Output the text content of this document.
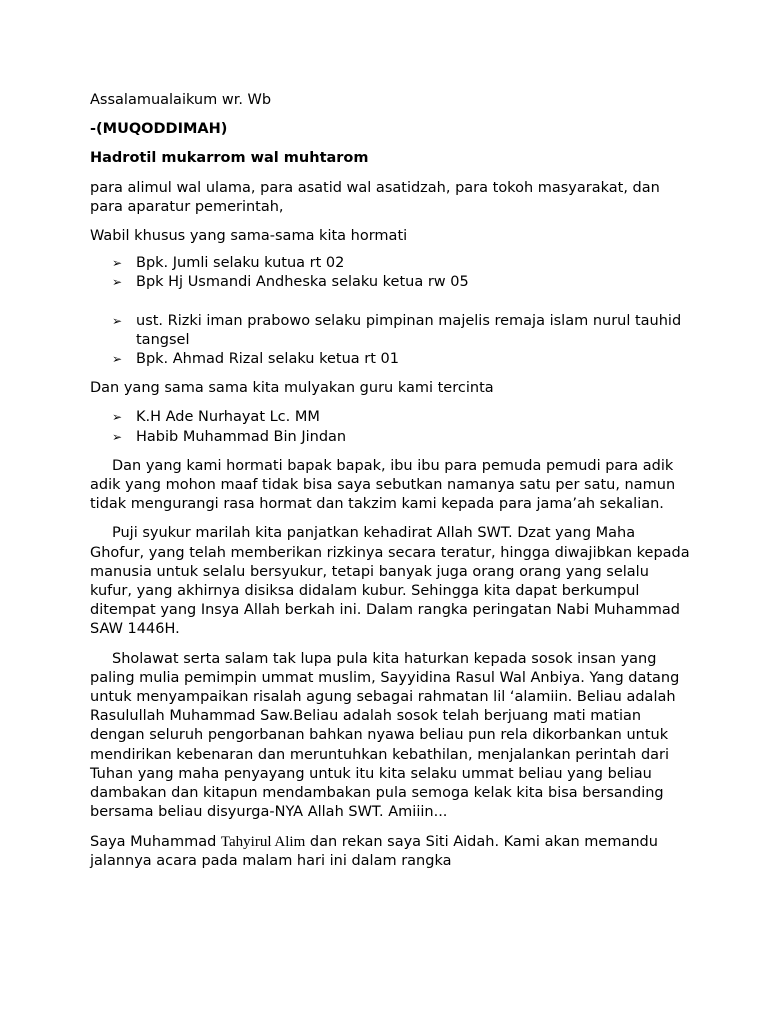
Assalamualaikum wr. Wb

-(MUQODDIMAH)

Hadrotil mukarrom wal muhtarom

para alimul wal ulama, para asatid wal asatidzah, para tokoh masyarakat, dan para aparatur pemerintah,

Wabil khusus yang sama-sama kita hormati

➢ Bpk. Jumli selaku kutua rt 02
➢ Bpk Hj Usmandi Andheska selaku ketua rw 05
➢ ust. Rizki iman prabowo selaku pimpinan majelis remaja islam nurul tauhid tangsel
➢ Bpk. Ahmad Rizal selaku ketua rt 01

Dan yang sama sama kita mulyakan guru kami tercinta

➢ K.H Ade Nurhayat Lc. MM
➢ Habib Muhammad Bin Jindan

Dan yang kami hormati bapak bapak, ibu ibu para pemuda pemudi para adik adik yang mohon maaf tidak bisa saya sebutkan namanya satu per satu, namun tidak mengurangi rasa hormat dan takzim kami kepada para jama’ah sekalian.

Puji syukur marilah kita panjatkan kehadirat Allah SWT. Dzat yang Maha Ghofur, yang telah memberikan rizkinya secara teratur, hingga diwajibkan kepada manusia untuk selalu bersyukur, tetapi banyak juga orang orang yang selalu kufur, yang akhirnya disiksa didalam kubur. Sehingga kita dapat berkumpul ditempat yang Insya Allah berkah ini. Dalam rangka peringatan Nabi Muhammad SAW 1446H.

Sholawat serta salam tak lupa pula kita haturkan kepada sosok insan yang paling mulia pemimpin ummat muslim, Sayyidina Rasul Wal Anbiya. Yang datang untuk menyampaikan risalah agung sebagai rahmatan lil ‘alamiin. Beliau adalah Rasulullah Muhammad Saw.Beliau adalah sosok telah berjuang mati matian dengan seluruh pengorbanan bahkan nyawa beliau pun rela dikorbankan untuk mendirikan kebenaran dan meruntuhkan kebathilan, menjalankan perintah dari Tuhan yang maha penyayang untuk itu kita selaku ummat beliau yang beliau dambakan dan kitapun mendambakan pula semoga kelak kita bisa bersanding bersama beliau disyurga-NYA Allah SWT. Amiiin...

Saya Muhammad Tahyirul Alim dan rekan saya Siti Aidah. Kami akan memandu jalannya acara pada malam hari ini dalam rangka
